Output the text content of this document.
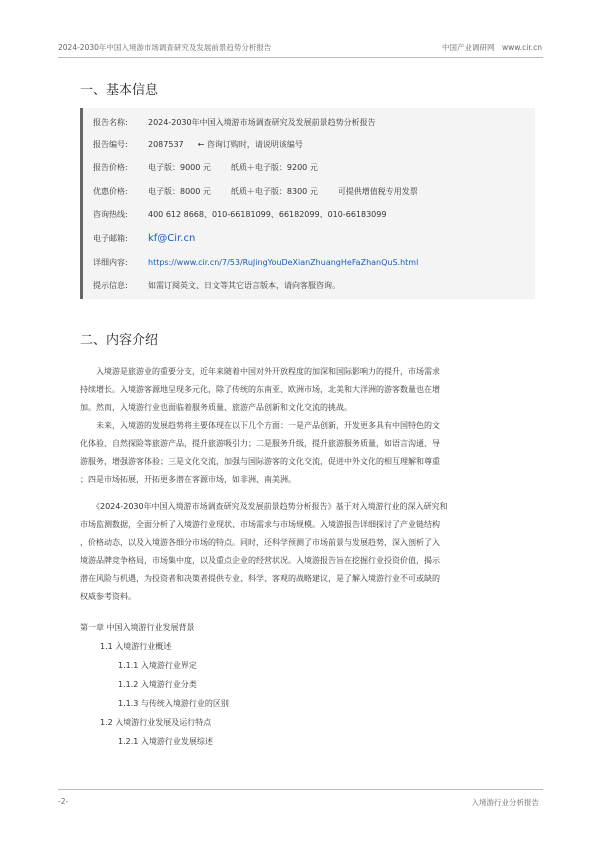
2024-2030年中国入境游市场调查研究及发展前景趋势分析报告	中国产业调研网　www.cir.cn
一、基本信息
报告名称:	2024-2030年中国入境游市场调查研究及发展前景趋势分析报告
报告编号:	2087537 ← 咨询订购时，请说明该编号
报告价格:	电子版：9000 元	纸质＋电子版：9200 元
优惠价格:	电子版：8000 元	纸质＋电子版：8300 元	可提供增值税专用发票
咨询热线:	400 612 8668、010-66181099、66182099、010-66183099
电子邮箱:	kf@Cir.cn
详细内容:	https://www.cir.cn/7/53/RuJingYouDeXianZhuangHeFaZhanQuS.html
提示信息:	如需订阅英文、日文等其它语言版本，请向客服咨询。
二、内容介绍
　　入境游是旅游业的重要分支，近年来随着中国对外开放程度的加深和国际影响力的提升，市场需求
持续增长。入境游客源地呈现多元化，除了传统的东南亚、欧洲市场，北美和大洋洲的游客数量也在增
加。然而，入境游行业也面临着服务质量、旅游产品创新和文化交流的挑战。
　　未来，入境游的发展趋势将主要体现在以下几个方面：一是产品创新，开发更多具有中国特色的文
化体验、自然探险等旅游产品，提升旅游吸引力；二是服务升级，提升旅游服务质量，如语言沟通、导
游服务，增强游客体验；三是文化交流，加强与国际游客的文化交流，促进中外文化的相互理解和尊重
；四是市场拓展，开拓更多潜在客源市场，如非洲、南美洲。
　　《2024-2030年中国入境游市场调查研究及发展前景趋势分析报告》基于对入境游行业的深入研究和
市场监测数据，全面分析了入境游行业现状、市场需求与市场规模。入境游报告详细探讨了产业链结构
，价格动态，以及入境游各细分市场的特点。同时，还科学预测了市场前景与发展趋势，深入剖析了入
境游品牌竞争格局，市场集中度，以及重点企业的经营状况。入境游报告旨在挖掘行业投资价值，揭示
潜在风险与机遇，为投资者和决策者提供专业、科学、客观的战略建议，是了解入境游行业不可或缺的
权威参考资料。
第一章 中国入境游行业发展背景
1.1 入境游行业概述
1.1.1 入境游行业界定
1.1.2 入境游行业分类
1.1.3 与传统入境游行业的区别
1.2 入境游行业发展及运行特点
1.2.1 入境游行业发展综述
-2-	入境游行业分析报告
